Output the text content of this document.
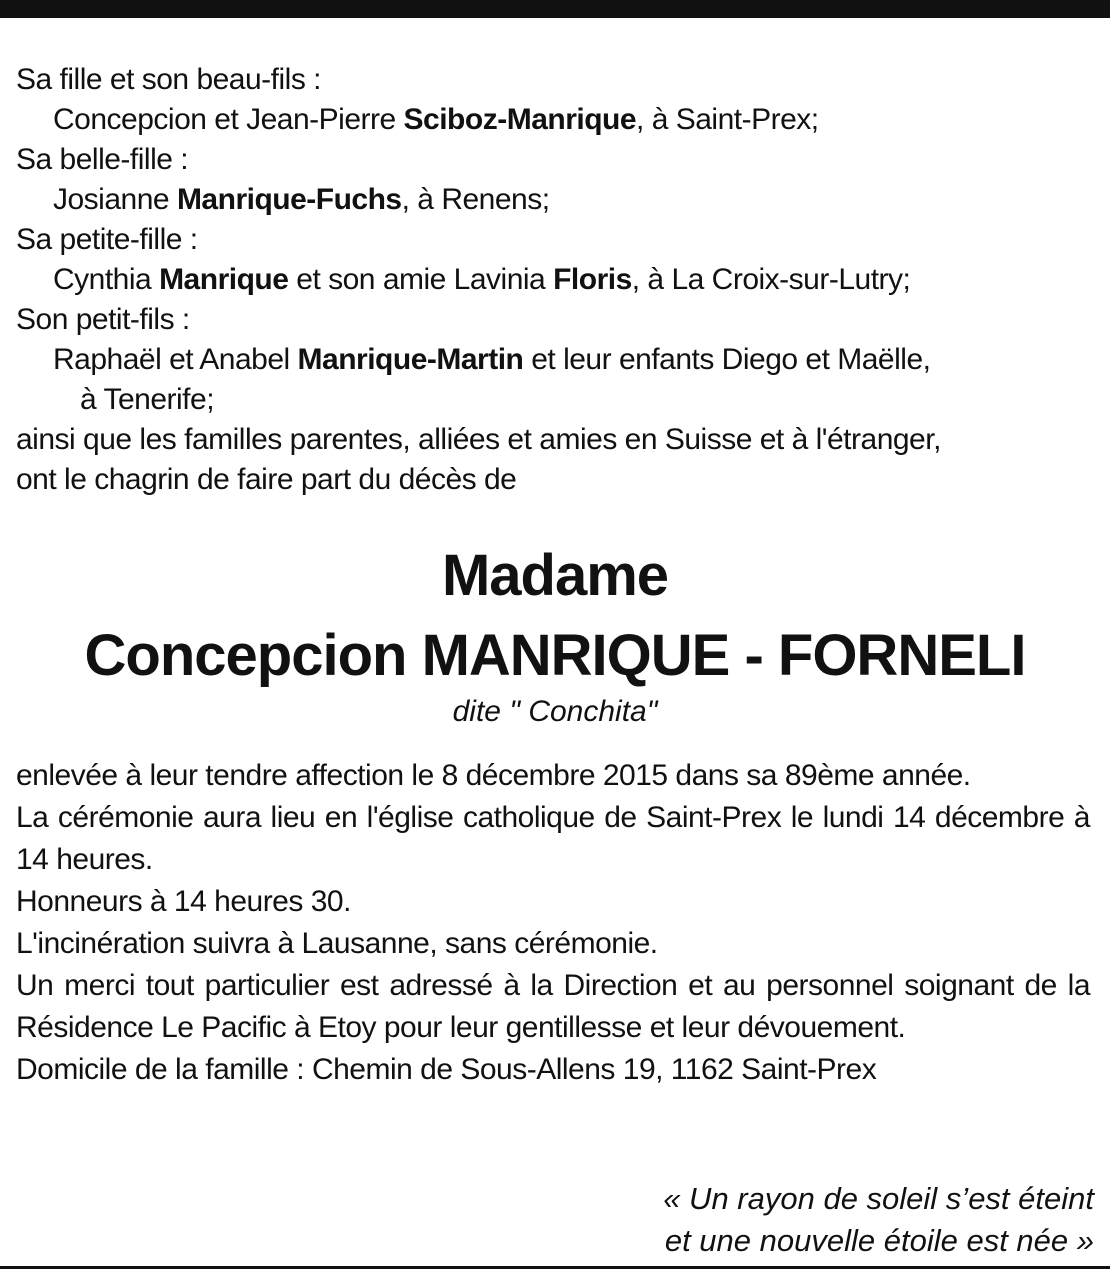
Sa fille et son beau-fils :
Concepcion et Jean-Pierre Sciboz-Manrique, à Saint-Prex;
Sa belle-fille :
Josianne Manrique-Fuchs, à Renens;
Sa petite-fille :
Cynthia Manrique et son amie Lavinia Floris, à La Croix-sur-Lutry;
Son petit-fils :
Raphaël et Anabel Manrique-Martin et leur enfants Diego et Maëlle,
à Tenerife;
ainsi que les familles parentes, alliées et amies en Suisse et à l'étranger,
ont le chagrin de faire part du décès de
Madame
Concepcion MANRIQUE - FORNELI
dite " Conchita"
enlevée à leur tendre affection le 8 décembre 2015 dans sa 89ème année.
La cérémonie aura lieu en l'église catholique de Saint-Prex le lundi 14 décembre à 14 heures.
Honneurs à 14 heures 30.
L'incinération suivra à Lausanne, sans cérémonie.
Un merci tout particulier est adressé à la Direction et au personnel soignant de la Résidence Le Pacific à Etoy pour leur gentillesse et leur dévouement.
Domicile de la famille : Chemin de Sous-Allens 19, 1162 Saint-Prex
« Un rayon de soleil s’est éteint
et une nouvelle étoile est née »
